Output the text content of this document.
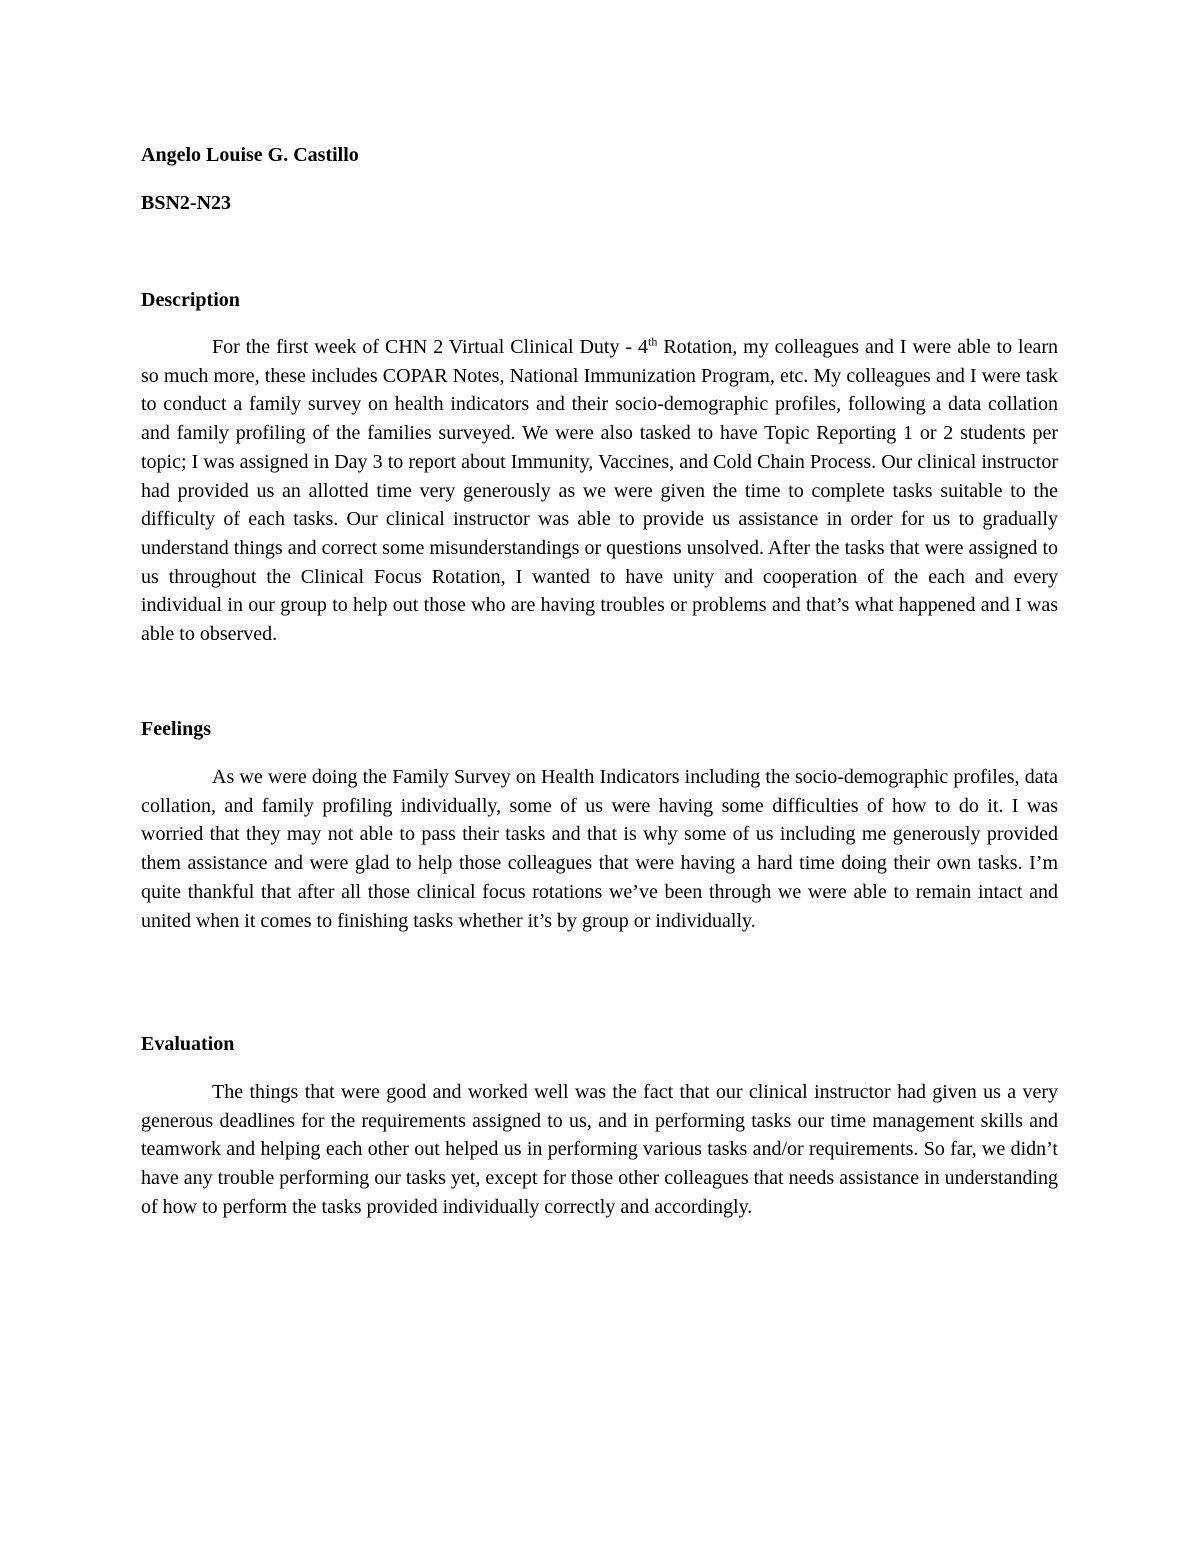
Angelo Louise G. Castillo
BSN2-N23
Description

For the first week of CHN 2 Virtual Clinical Duty - 4th Rotation, my colleagues and I were able to learn so much more, these includes COPAR Notes, National Immunization Program, etc. My colleagues and I were task to conduct a family survey on health indicators and their socio-demographic profiles, following a data collation and family profiling of the families surveyed. We were also tasked to have Topic Reporting 1 or 2 students per topic; I was assigned in Day 3 to report about Immunity, Vaccines, and Cold Chain Process. Our clinical instructor had provided us an allotted time very generously as we were given the time to complete tasks suitable to the difficulty of each tasks. Our clinical instructor was able to provide us assistance in order for us to gradually understand things and correct some misunderstandings or questions unsolved. After the tasks that were assigned to us throughout the Clinical Focus Rotation, I wanted to have unity and cooperation of the each and every individual in our group to help out those who are having troubles or problems and that’s what happened and I was able to observed.

Feelings

As we were doing the Family Survey on Health Indicators including the socio-demographic profiles, data collation, and family profiling individually, some of us were having some difficulties of how to do it. I was worried that they may not able to pass their tasks and that is why some of us including me generously provided them assistance and were glad to help those colleagues that were having a hard time doing their own tasks. I’m quite thankful that after all those clinical focus rotations we’ve been through we were able to remain intact and united when it comes to finishing tasks whether it’s by group or individually.

Evaluation

The things that were good and worked well was the fact that our clinical instructor had given us a very generous deadlines for the requirements assigned to us, and in performing tasks our time management skills and teamwork and helping each other out helped us in performing various tasks and/or requirements. So far, we didn’t have any trouble performing our tasks yet, except for those other colleagues that needs assistance in understanding of how to perform the tasks provided individually correctly and accordingly.
